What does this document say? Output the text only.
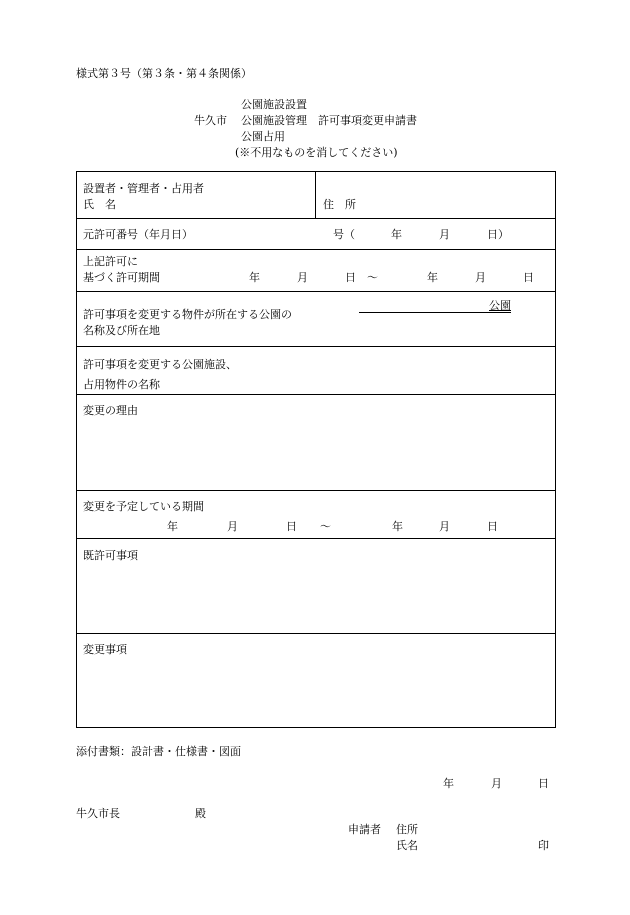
様式第３号（第３条・第４条関係）
公園施設設置
牛久市 公園施設管理　許可事項変更申請書
公園占用
(※不用なものを消してください)
設置者・管理者・占用者
氏　名	住　所
元許可番号（年月日）	号（	年	月	日）
上記許可に
基づく許可期間	年	月	日 ～	年	月	日
公園
許可事項を変更する物件が所在する公園の
名称及び所在地
許可事項を変更する公園施設、
占用物件の名称
変更の理由
変更を予定している期間
年	月	日 ～	年	月	日
既許可事項
変更事項
添付書類：設計書・仕様書・図面
年	月	日
牛久市長	殿
申請者 住所
氏名	印
